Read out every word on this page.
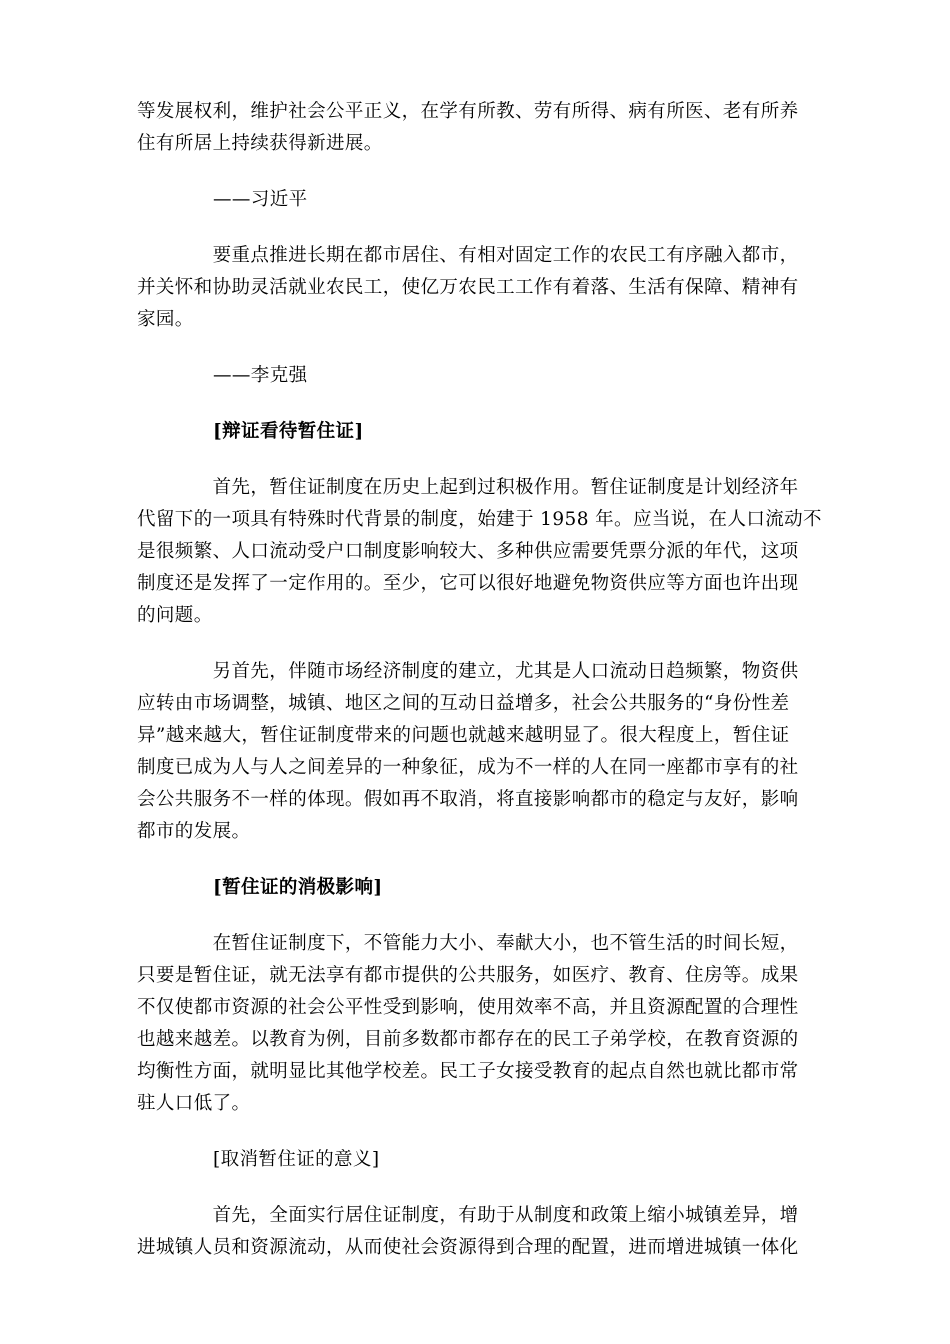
等发展权利，维护社会公平正义，在学有所教、劳有所得、病有所医、老有所养
住有所居上持续获得新进展。
——习近平
　　　　要重点推进长期在都市居住、有相对固定工作的农民工有序融入都市，
并关怀和协助灵活就业农民工，使亿万农民工工作有着落、生活有保障、精神有
家园。
——李克强
[辩证看待暂住证]
　　　　首先，暂住证制度在历史上起到过积极作用。暂住证制度是计划经济年
代留下的一项具有特殊时代背景的制度，始建于 1958 年。应当说，在人口流动不
是很频繁、人口流动受户口制度影响较大、多种供应需要凭票分派的年代，这项
制度还是发挥了一定作用的。至少，它可以很好地避免物资供应等方面也许出现
的问题。
　　　　另首先，伴随市场经济制度的建立，尤其是人口流动日趋频繁，物资供
应转由市场调整，城镇、地区之间的互动日益增多，社会公共服务的“身份性差
异”越来越大，暂住证制度带来的问题也就越来越明显了。很大程度上，暂住证
制度已成为人与人之间差异的一种象征，成为不一样的人在同一座都市享有的社
会公共服务不一样的体现。假如再不取消，将直接影响都市的稳定与友好，影响
都市的发展。
[暂住证的消极影响]
　　　　在暂住证制度下，不管能力大小、奉献大小，也不管生活的时间长短，
只要是暂住证，就无法享有都市提供的公共服务，如医疗、教育、住房等。成果
不仅使都市资源的社会公平性受到影响，使用效率不高，并且资源配置的合理性
也越来越差。以教育为例，目前多数都市都存在的民工子弟学校，在教育资源的
均衡性方面，就明显比其他学校差。民工子女接受教育的起点自然也就比都市常
驻人口低了。
[取消暂住证的意义]
　　　　首先，全面实行居住证制度，有助于从制度和政策上缩小城镇差异，增
进城镇人员和资源流动，从而使社会资源得到合理的配置，进而增进城镇一体化
